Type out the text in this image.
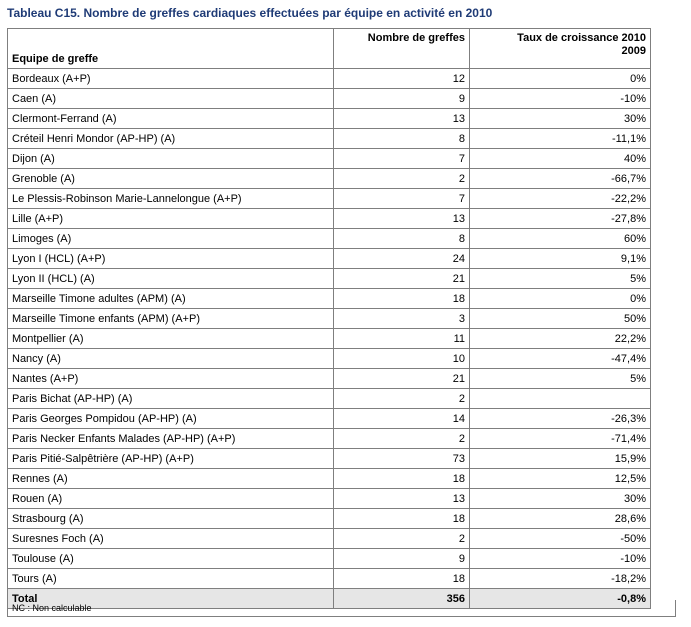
Tableau C15. Nombre de greffes cardiaques effectuées par équipe en activité en 2010
Equipe de greffe	Nombre de greffes	Taux de croissance 2010
2009
Bordeaux (A+P)	12	0%
Caen (A)	9	-10%
Clermont-Ferrand (A)	13	30%
Créteil Henri Mondor (AP-HP) (A)	8	-11,1%
Dijon (A)	7	40%
Grenoble (A)	2	-66,7%
Le Plessis-Robinson Marie-Lannelongue (A+P)	7	-22,2%
Lille (A+P)	13	-27,8%
Limoges (A)	8	60%
Lyon I (HCL) (A+P)	24	9,1%
Lyon II (HCL) (A)	21	5%
Marseille Timone adultes (APM) (A)	18	0%
Marseille Timone enfants (APM) (A+P)	3	50%
Montpellier (A)	11	22,2%
Nancy (A)	10	-47,4%
Nantes (A+P)	21	5%
Paris Bichat (AP-HP) (A)	2	
Paris Georges Pompidou (AP-HP) (A)	14	-26,3%
Paris Necker Enfants Malades (AP-HP) (A+P)	2	-71,4%
Paris Pitié-Salpêtrière (AP-HP) (A+P)	73	15,9%
Rennes (A)	18	12,5%
Rouen (A)	13	30%
Strasbourg (A)	18	28,6%
Suresnes Foch (A)	2	-50%
Toulouse (A)	9	-10%
Tours (A)	18	-18,2%
Total	356	-0,8%
NC : Non calculable
